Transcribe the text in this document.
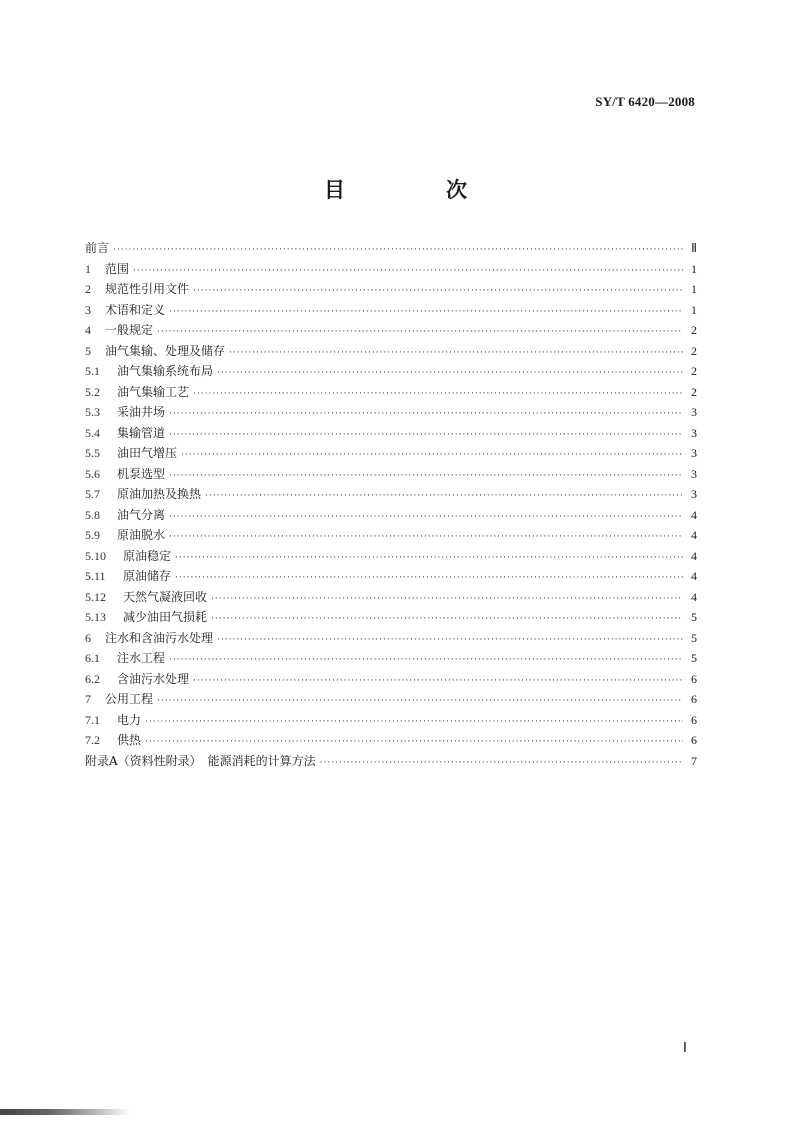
SY/T 6420—2008
目　次
前言 ·····	Ⅱ
1	范围 ·····	1
2	规范性引用文件 ·····	1
3	术语和定义 ·····	1
4	一般规定 ·····	2
5	油气集输、处理及储存 ·····	2
5.1	油气集输系统布局 ·····	2
5.2	油气集输工艺 ·····	2
5.3	采油井场 ·····	3
5.4	集输管道 ·····	3
5.5	油田气增压 ·····	3
5.6	机泵选型 ·····	3
5.7	原油加热及换热 ·····	3
5.8	油气分离 ·····	4
5.9	原油脱水 ·····	4
5.10	原油稳定 ·····	4
5.11	原油储存 ·····	4
5.12	天然气凝液回收 ·····	4
5.13	减少油田气损耗 ·····	5
6	注水和含油污水处理 ·····	5
6.1	注水工程 ·····	5
6.2	含油污水处理 ·····	6
7	公用工程 ·····	6
7.1	电力 ·····	6
7.2	供热 ·····	6
附录A（资料性附录）　能源消耗的计算方法 ·····	7
Ⅰ
